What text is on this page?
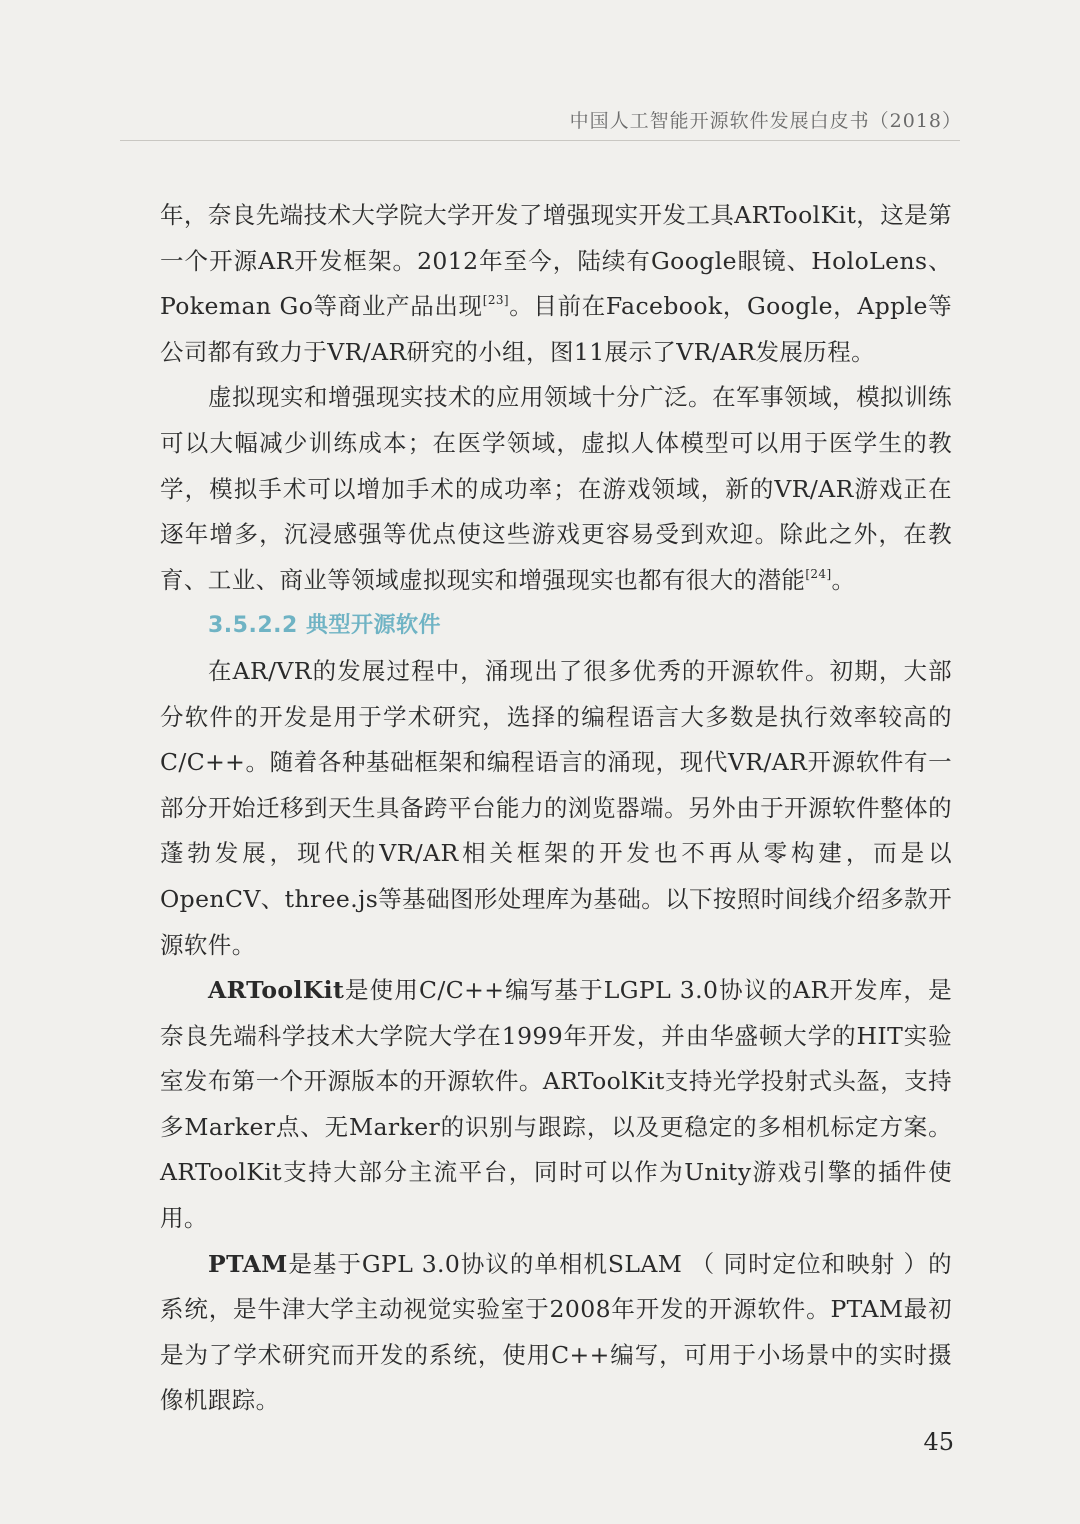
中国人工智能开源软件发展白皮书（2018）

年，奈良先端技术大学院大学开发了增强现实开发工具ARToolKit，这是第一个开源AR开发框架。2012年至今，陆续有Google眼镜、HoloLens、Pokeman Go等商业产品出现[23]。目前在Facebook，Google，Apple等公司都有致力于VR/AR研究的小组，图11展示了VR/AR发展历程。

虚拟现实和增强现实技术的应用领域十分广泛。在军事领域，模拟训练可以大幅减少训练成本；在医学领域，虚拟人体模型可以用于医学生的教学，模拟手术可以增加手术的成功率；在游戏领域，新的VR/AR游戏正在逐年增多，沉浸感强等优点使这些游戏更容易受到欢迎。除此之外，在教育、工业、商业等领域虚拟现实和增强现实也都有很大的潜能[24]。

3.5.2.2 典型开源软件

在AR/VR的发展过程中，涌现出了很多优秀的开源软件。初期，大部分软件的开发是用于学术研究，选择的编程语言大多数是执行效率较高的C/C++。随着各种基础框架和编程语言的涌现，现代VR/AR开源软件有一部分开始迁移到天生具备跨平台能力的浏览器端。另外由于开源软件整体的蓬勃发展，现代的VR/AR相关框架的开发也不再从零构建，而是以OpenCV、three.js等基础图形处理库为基础。以下按照时间线介绍多款开源软件。

ARToolKit是使用C/C++编写基于LGPL 3.0协议的AR开发库，是奈良先端科学技术大学院大学在1999年开发，并由华盛顿大学的HIT实验室发布第一个开源版本的开源软件。ARToolKit支持光学投射式头盔，支持多Marker点、无Marker的识别与跟踪，以及更稳定的多相机标定方案。ARToolKit支持大部分主流平台，同时可以作为Unity游戏引擎的插件使用。

PTAM是基于GPL 3.0协议的单相机SLAM （ 同时定位和映射 ）的系统，是牛津大学主动视觉实验室于2008年开发的开源软件。PTAM最初是为了学术研究而开发的系统，使用C++编写，可用于小场景中的实时摄像机跟踪。

45
